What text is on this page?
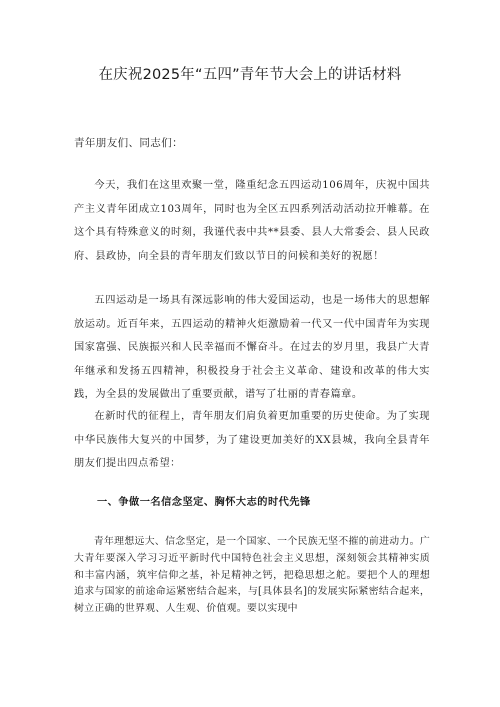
在庆祝2025年“五四”青年节大会上的讲话材料
青年朋友们、同志们：

今天，我们在这里欢聚一堂，隆重纪念五四运动106周年，庆祝中国共产主义青年团成立103周年，同时也为全区五四系列活动活动拉开帷幕。在这个具有特殊意义的时刻，我谨代表中共**县委、县人大常委会、县人民政府、县政协，向全县的青年朋友们致以节日的问候和美好的祝愿！

五四运动是一场具有深远影响的伟大爱国运动，也是一场伟大的思想解放运动。近百年来，五四运动的精神火炬激励着一代又一代中国青年为实现国家富强、民族振兴和人民幸福而不懈奋斗。在过去的岁月里，我县广大青年继承和发扬五四精神，积极投身于社会主义革命、建设和改革的伟大实践，为全县的发展做出了重要贡献，谱写了壮丽的青春篇章。

在新时代的征程上，青年朋友们肩负着更加重要的历史使命。为了实现中华民族伟大复兴的中国梦，为了建设更加美好的XX县城，我向全县青年朋友们提出四点希望：

一、争做一名信念坚定、胸怀大志的时代先锋

青年理想远大、信念坚定，是一个国家、一个民族无坚不摧的前进动力。广大青年要深入学习习近平新时代中国特色社会主义思想，深刻领会其精神实质和丰富内涵，筑牢信仰之基，补足精神之钙，把稳思想之舵。要把个人的理想追求与国家的前途命运紧密结合起来，与[具体县名]的发展实际紧密结合起来，树立正确的世界观、人生观、价值观。要以实现中
